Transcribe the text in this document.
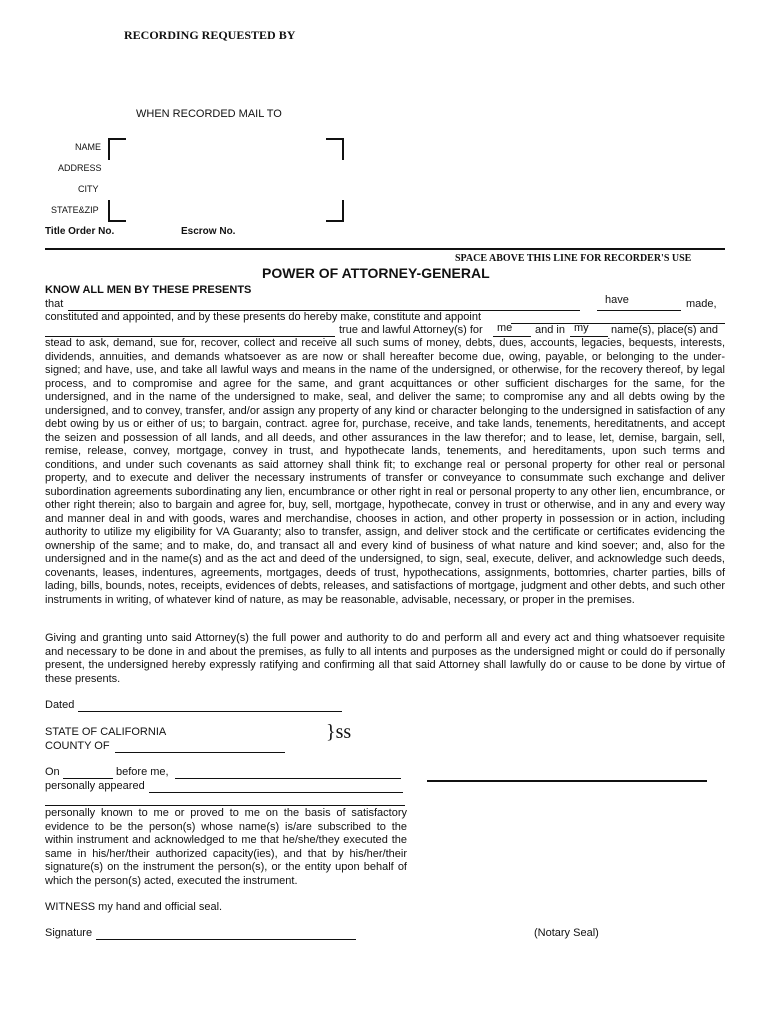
RECORDING REQUESTED BY
WHEN RECORDED MAIL TO
NAME
ADDRESS
CITY
STATE&ZIP
Title Order No.	Escrow No.
SPACE ABOVE THIS LINE FOR RECORDER'S USE
POWER OF ATTORNEY-GENERAL
KNOW ALL MEN BY THESE PRESENTS
that	have	made,
constituted and appointed, and by these presents do hereby make, constitute and appoint
true and lawful Attorney(s) for me and in my name(s), place(s) and
stead to ask, demand, sue for, recover, collect and receive all such sums of money, debts, dues, accounts, legacies, bequests, interests, dividends, annuities, and demands whatsoever as are now or shall hereafter become due, owing, payable, or belonging to the under-signed; and have, use, and take all lawful ways and means in the name of the undersigned, or otherwise, for the recovery thereof, by legal process, and to compromise and agree for the same, and grant acquittances or other sufficient discharges for the same, for the undersigned, and in the name of the undersigned to make, seal, and deliver the same; to compromise any and all debts owing by the undersigned, and to convey, transfer, and/or assign any property of any kind or character belonging to the undersigned in satisfaction of any debt owing by us or either of us; to bargain, contract. agree for, purchase, receive, and take lands, tenements, hereditatnents, and accept the seizen and possession of all lands, and all deeds, and other assurances in the law therefor; and to lease, let, demise, bargain, sell, remise, release, convey, mortgage, convey in trust, and hypothecate lands, tenements, and hereditaments, upon such terms and conditions, and under such covenants as said attorney shall think fit; to exchange real or personal property for other real or personal property, and to execute and deliver the necessary instruments of transfer or conveyance to consummate such exchange and deliver subordination agreements subordinating any lien, encumbrance or other right in real or personal property to any other lien, encumbrance, or other right therein; also to bargain and agree for, buy, sell, mortgage, hypothecate, convey in trust or otherwise, and in any and every way and manner deal in and with goods, wares and merchandise, chooses in action, and other property in possession or in action, including authority to utilize my eligibility for VA Guaranty; also to transfer, assign, and deliver stock and the certificate or certificates evidencing the ownership of the same; and to make, do, and transact all and every kind of business of what nature and kind soever; and, also for the undersigned and in the name(s) and as the act and deed of the undersigned, to sign, seal, execute, deliver, and acknowledge such deeds, covenants, leases, indentures, agreements, mortgages, deeds of trust, hypothecations, assignments, bottomries, charter parties, bills of lading, bills, bounds, notes, receipts, evidences of debts, releases, and satisfactions of mortgage, judgment and other debts, and such other instruments in writing, of whatever kind of nature, as may be reasonable, advisable, necessary, or proper in the premises.
Giving and granting unto said Attorney(s) the full power and authority to do and perform all and every act and thing whatsoever requisite and necessary to be done in and about the premises, as fully to all intents and purposes as the undersigned might or could do if personally present, the undersigned hereby expressly ratifying and confirming all that said Attorney shall lawfully do or cause to be done by virtue of these presents.
Dated
STATE OF CALIFORNIA
COUNTY OF
}ss
On	before me,
personally appeared
personally known to me or proved to me on the basis of satisfactory evidence to be the person(s) whose name(s) is/are subscribed to the within instrument and acknowledged to me that he/she/they executed the same in his/her/their authorized capacity(ies), and that by his/her/their signature(s) on the instrument the person(s), or the entity upon behalf of which the person(s) acted, executed the instrument.
WITNESS my hand and official seal.
Signature	(Notary Seal)
